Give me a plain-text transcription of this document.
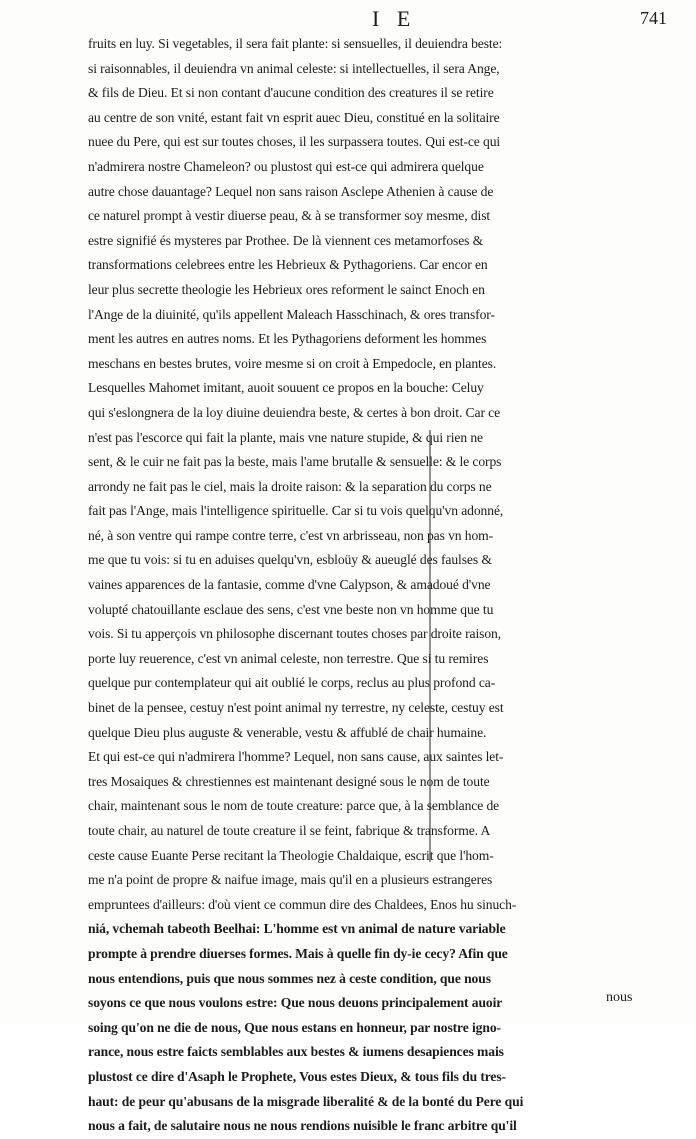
I E	741
fruits en luy. Si vegetables, il sera fait plante: si sensuelles, il deuiendra beste:
si raisonnables, il deuiendra vn animal celeste: si intellectuelles, il sera Ange,
& fils de Dieu. Et si non contant d'aucune condition des creatures il se retire
au centre de son vnité, estant fait vn esprit auec Dieu, constitué en la solitaire
nuee du Pere, qui est sur toutes choses, il les surpassera toutes. Qui est-ce qui
n'admirera nostre Chameleon? ou plustost qui est-ce qui admirera quelque
autre chose dauantage? Lequel non sans raison Asclepe Athenien à cause de
ce naturel prompt à vestir diuerse peau, & à se transformer soy mesme, dist
estre signifié és mysteres par Prothee. De là viennent ces metamorfoses &
transformations celebrees entre les Hebrieux & Pythagoriens. Car encor en
leur plus secrette theologie les Hebrieux ores reforment le sainct Enoch en
l'Ange de la diuinité, qu'ils appellent Maleach Hasschinach, & ores transfor-
ment les autres en autres noms. Et les Pythagoriens deforment les hommes
meschans en bestes brutes, voire mesme si on croit à Empedocle, en plantes.
Lesquelles Mahomet imitant, auoit souuent ce propos en la bouche: Celuy
qui s'eslongnera de la loy diuine deuiendra beste, & certes à bon droit. Car ce
n'est pas l'escorce qui fait la plante, mais vne nature stupide, & qui rien ne
sent, & le cuir ne fait pas la beste, mais l'ame brutalle & sensuelle: & le corps
arrondy ne fait pas le ciel, mais la droite raison: & la separation du corps ne
fait pas l'Ange, mais l'intelligence spirituelle. Car si tu vois quelqu'vn adonné,
né, à son ventre qui rampe contre terre, c'est vn arbrisseau, non pas vn hom-
me que tu vois: si tu en aduises quelqu'vn, esbloüy & aueuglé des faulses &
vaines apparences de la fantasie, comme d'vne Calypson, & amadoué d'vne
volupté chatouillante esclaue des sens, c'est vne beste non vn homme que tu
vois. Si tu apperçois vn philosophe discernant toutes choses par droite raison,
porte luy reuerence, c'est vn animal celeste, non terrestre. Que si tu remires
quelque pur contemplateur qui ait oublié le corps, reclus au plus profond ca-
binet de la pensee, cestuy n'est point animal ny terrestre, ny celeste, cestuy est
quelque Dieu plus auguste & venerable, vestu & affublé de chair humaine.
Et qui est-ce qui n'admirera l'homme? Lequel, non sans cause, aux saintes let-
tres Mosaiques & chrestiennes est maintenant designé sous le nom de toute
chair, maintenant sous le nom de toute creature: parce que, à la semblance de
toute chair, au naturel de toute creature il se feint, fabrique & transforme. A
ceste cause Euante Perse recitant la Theologie Chaldaique, escrit que l'hom-
me n'a point de propre & naifue image, mais qu'il en a plusieurs estrangeres
empruntees d'ailleurs: d'où vient ce commun dire des Chaldees, Enos hu sinuch-
niá, vchemah tabeoth Beelhai: L'homme est vn animal de nature variable
prompte à prendre diuerses formes. Mais à quelle fin dy-ie cecy? Afin que
nous entendions, puis que nous sommes nez à ceste condition, que nous
soyons ce que nous voulons estre: Que nous deuons principalement auoir
soing qu'on ne die de nous, Que nous estans en honneur, par nostre igno-
rance, nous estre faicts semblables aux bestes & iumens desapiences mais
plustost ce dire d'Asaph le Prophete, Vous estes Dieux, & tous fils du tres-
haut: de peur qu'abusans de la misgrade liberalité & de la bonté du Pere qui
nous a fait, de salutaire nous ne nous rendions nuisible le franc arbitre qu'il
nous
